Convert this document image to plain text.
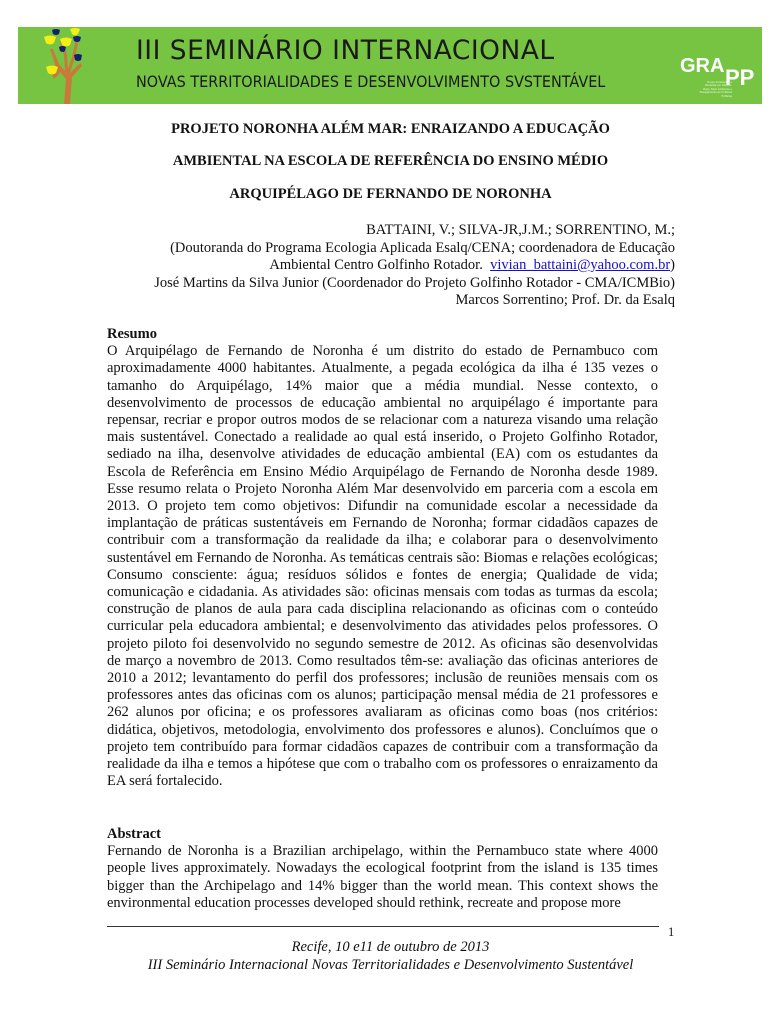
III SEMINÁRIO INTERNACIONAL
NOVAS TERRITORIALIDADES E DESENVOLVIMENTO SVSTENTÁVEL
GRA PP
Grupo de Estudos e Pesquisa em Gênero, Raça, Meio Ambiente e Planejamento de Políticas Públicas
PROJETO NORONHA ALÉM MAR: ENRAIZANDO A EDUCAÇÃO
AMBIENTAL NA ESCOLA DE REFERÊNCIA DO ENSINO MÉDIO
ARQUIPÉLAGO DE FERNANDO DE NORONHA
BATTAINI, V.; SILVA-JR,J.M.; SORRENTINO, M.;
(Doutoranda do Programa Ecologia Aplicada Esalq/CENA; coordenadora de Educação
Ambiental Centro Golfinho Rotador.  vivian_battaini@yahoo.com.br)
José Martins da Silva Junior (Coordenador do Projeto Golfinho Rotador - CMA/ICMBio)
Marcos Sorrentino; Prof. Dr. da Esalq
Resumo

O Arquipélago de Fernando de Noronha é um distrito do estado de Pernambuco com aproximadamente 4000 habitantes. Atualmente, a pegada ecológica da ilha é 135 vezes o tamanho do Arquipélago, 14% maior que a média mundial. Nesse contexto, o desenvolvimento de processos de educação ambiental no arquipélago é importante para repensar, recriar e propor outros modos de se relacionar com a natureza visando uma relação mais sustentável. Conectado a realidade ao qual está inserido, o Projeto Golfinho Rotador, sediado na ilha, desenvolve atividades de educação ambiental (EA) com os estudantes da Escola de Referência em Ensino Médio Arquipélago de Fernando de Noronha desde 1989. Esse resumo relata o Projeto Noronha Além Mar desenvolvido em parceria com a escola em 2013. O projeto tem como objetivos: Difundir na comunidade escolar a necessidade da implantação de práticas sustentáveis em Fernando de Noronha; formar cidadãos capazes de contribuir com a transformação da realidade da ilha; e colaborar para o desenvolvimento sustentável em Fernando de Noronha. As temáticas centrais são: Biomas e relações ecológicas; Consumo consciente: água; resíduos sólidos e fontes de energia; Qualidade de vida; comunicação e cidadania. As atividades são: oficinas mensais com todas as turmas da escola; construção de planos de aula para cada disciplina relacionando as oficinas com o conteúdo curricular pela educadora ambiental; e desenvolvimento das atividades pelos professores. O projeto piloto foi desenvolvido no segundo semestre de 2012. As oficinas são desenvolvidas de março a novembro de 2013. Como resultados têm-se: avaliação das oficinas anteriores de 2010 a 2012; levantamento do perfil dos professores; inclusão de reuniões mensais com os professores antes das oficinas com os alunos; participação mensal média de 21 professores e 262 alunos por oficina; e os professores avaliaram as oficinas como boas (nos critérios: didática, objetivos, metodologia, envolvimento dos professores e alunos). Concluímos que o projeto tem contribuído para formar cidadãos capazes de contribuir com a transformação da realidade da ilha e temos a hipótese que com o trabalho com os professores o enraizamento da EA será fortalecido.

Abstract

Fernando de Noronha is a Brazilian archipelago, within the Pernambuco state where 4000 people lives approximately. Nowadays the ecological footprint from the island is 135 times bigger than the Archipelago and 14% bigger than the world mean. This context shows the environmental education processes developed should rethink, recreate and propose more

1
Recife, 10 e11 de outubro de 2013
III Seminário Internacional Novas Territorialidades e Desenvolvimento Sustentável
